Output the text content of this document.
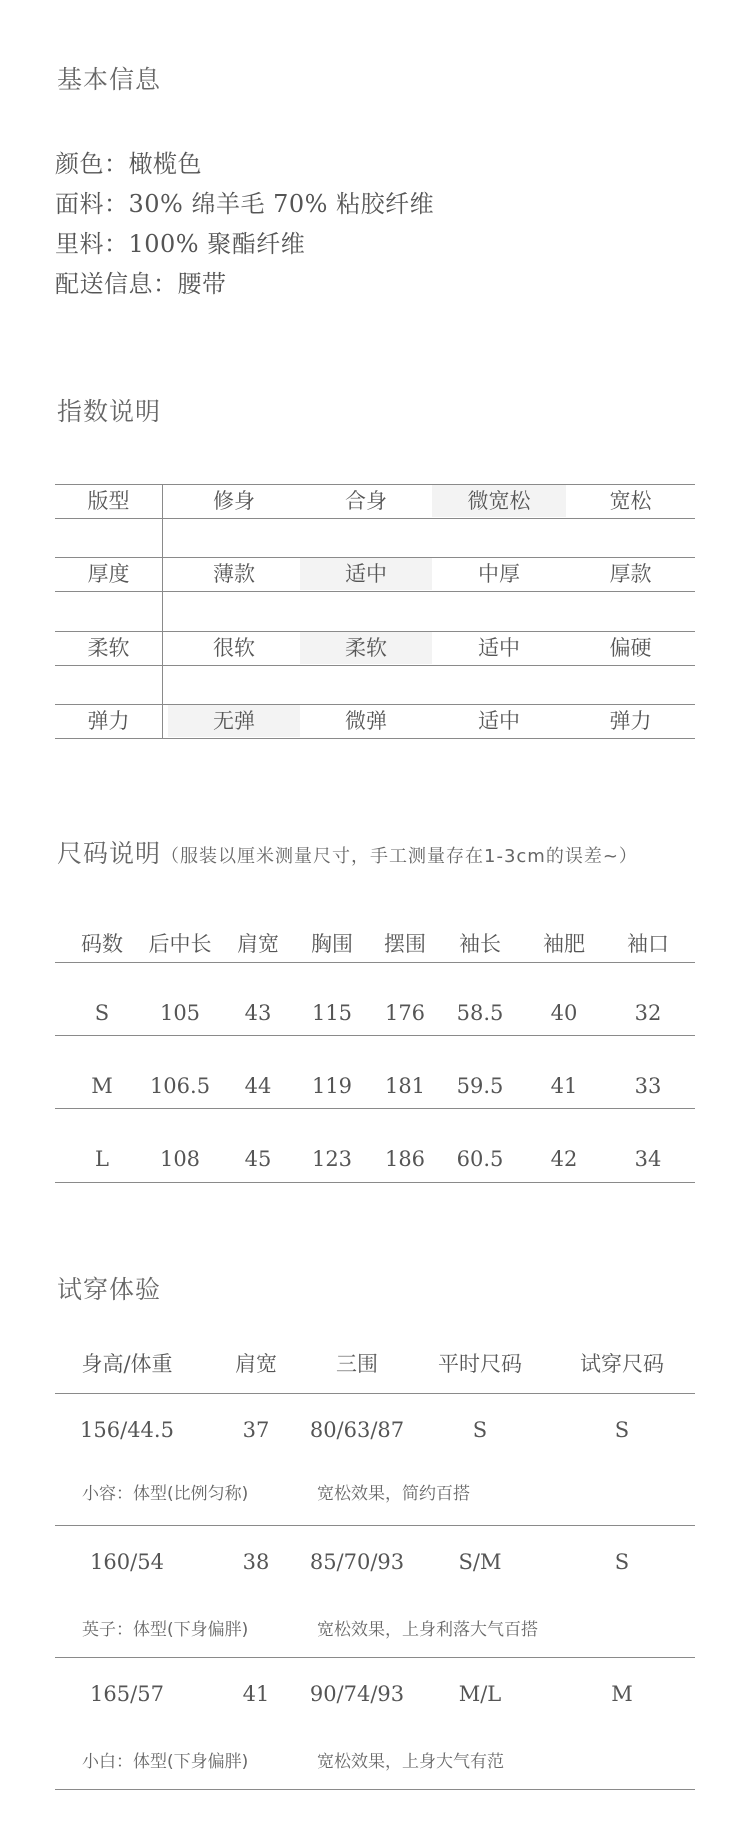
基本信息
颜色：橄榄色
面料：30% 绵羊毛 70% 粘胶纤维
里料：100% 聚酯纤维
配送信息：腰带
指数说明
版型	修身	合身	微宽松	宽松
厚度	薄款	适中	中厚	厚款
柔软	很软	柔软	适中	偏硬
弹力	无弹	微弹	适中	弹力
尺码说明（服装以厘米测量尺寸，手工测量存在1-3cm的误差~）
码数	后中长	肩宽	胸围	摆围	袖长	袖肥	袖口
S	105	43	115	176	58.5	40	32
M	106.5	44	119	181	59.5	41	33
L	108	45	123	186	60.5	42	34
试穿体验
身高/体重	肩宽	三围	平时尺码	试穿尺码
156/44.5	37	80/63/87	S	S
小容：体型(比例匀称)	宽松效果，简约百搭
160/54	38	85/70/93	S/M	S
英子：体型(下身偏胖)	宽松效果，上身利落大气百搭
165/57	41	90/74/93	M/L	M
小白：体型(下身偏胖)	宽松效果，上身大气有范
